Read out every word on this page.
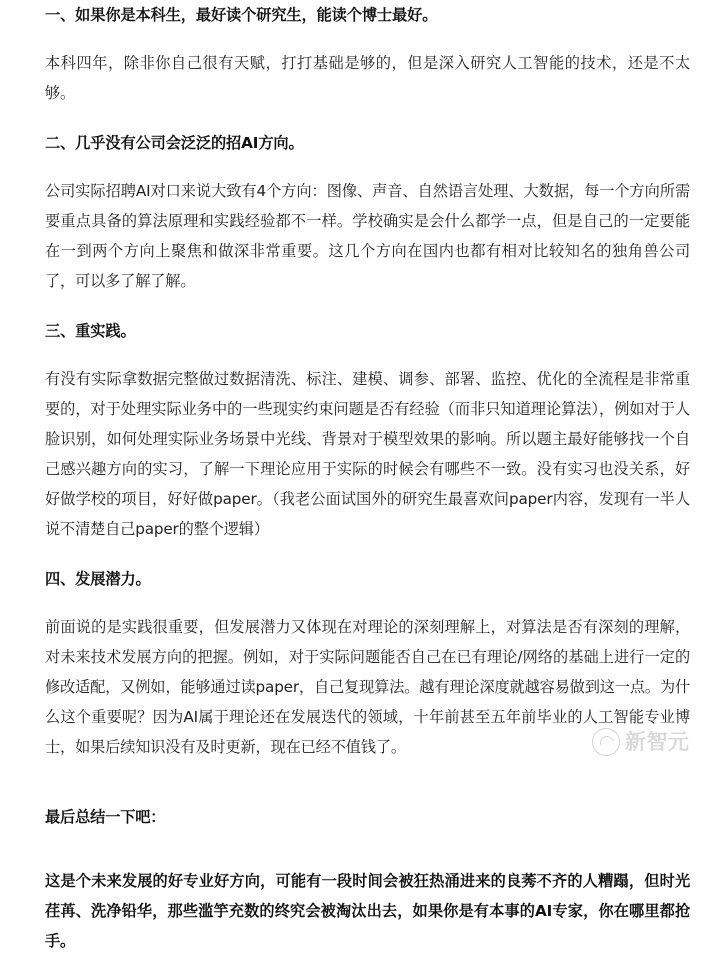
一、如果你是本科生，最好读个研究生，能读个博士最好。
本科四年，除非你自己很有天赋，打打基础是够的，但是深入研究人工智能的技术，还是不太够。
二、几乎没有公司会泛泛的招AI方向。
公司实际招聘AI对口来说大致有4个方向：图像、声音、自然语言处理、大数据，每一个方向所需要重点具备的算法原理和实践经验都不一样。学校确实是会什么都学一点，但是自己的一定要能在一到两个方向上聚焦和做深非常重要。这几个方向在国内也都有相对比较知名的独角兽公司了，可以多了解了解。
三、重实践。
有没有实际拿数据完整做过数据清洗、标注、建模、调参、部署、监控、优化的全流程是非常重要的，对于处理实际业务中的一些现实约束问题是否有经验（而非只知道理论算法），例如对于人脸识别，如何处理实际业务场景中光线、背景对于模型效果的影响。所以题主最好能够找一个自己感兴趣方向的实习，了解一下理论应用于实际的时候会有哪些不一致。没有实习也没关系，好好做学校的项目，好好做paper。（我老公面试国外的研究生最喜欢问paper内容，发现有一半人说不清楚自己paper的整个逻辑）
四、发展潜力。
前面说的是实践很重要，但发展潜力又体现在对理论的深刻理解上，对算法是否有深刻的理解，对未来技术发展方向的把握。例如，对于实际问题能否自己在已有理论/网络的基础上进行一定的修改适配，又例如，能够通过读paper，自己复现算法。越有理论深度就越容易做到这一点。为什么这个重要呢？因为AI属于理论还在发展迭代的领域，十年前甚至五年前毕业的人工智能专业博士，如果后续知识没有及时更新，现在已经不值钱了。
最后总结一下吧：
这是个未来发展的好专业好方向，可能有一段时间会被狂热涌进来的良莠不齐的人糟蹋，但时光荏苒、洗净铅华，那些滥竽充数的终究会被淘汰出去，如果你是有本事的AI专家，你在哪里都抢手。
新智元
